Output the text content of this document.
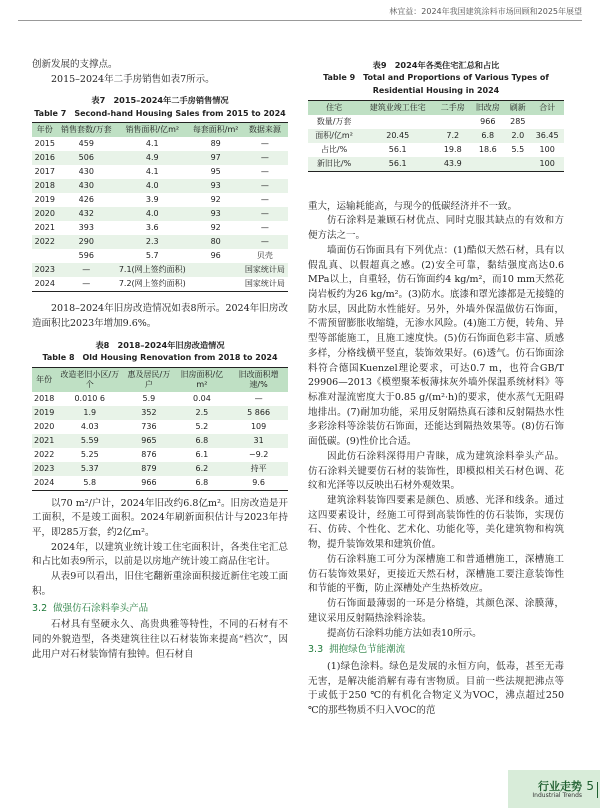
林宜益：2024年我国建筑涂料市场回顾和2025年展望

创新发展的支撑点。

2015–2024年二手房销售如表7所示。

表7　2015–2024年二手房销售情况
Table 7　Second-hand Housing Sales from 2015 to 2024
年份	销售套数/万套	销售面积/亿m²	每套面积/m²	数据来源
2015	459	4.1	89	—
2016	506	4.9	97	—
2017	430	4.1	95	—
2018	430	4.0	93	—
2019	426	3.9	92	—
2020	432	4.0	93	—
2021	393	3.6	92	—
2022	290	2.3	80	—
	596	5.7	96	贝壳
2023	—	7.1(网上签约面积)		国家统计局
2024	—	7.2(网上签约面积)		国家统计局

2018–2024年旧房改造情况如表8所示。2024年旧房改造面积比2023年增加9.6%。

表8　2018–2024年旧房改造情况
Table 8　Old Housing Renovation from 2018 to 2024
年份	改造老旧小区/万个	惠及居民/万户	旧房面积/亿m²	旧改面积增速/%
2018	0.010 6	5.9	0.04	—
2019	1.9	352	2.5	5 866
2020	4.03	736	5.2	109
2021	5.59	965	6.8	31
2022	5.25	876	6.1	−9.2
2023	5.37	879	6.2	持平
2024	5.8	966	6.8	9.6

以70 m²/户计，2024年旧改约6.8亿m²。旧房改造是开工面积，不是竣工面积。2024年刷新面积估计与2023年持平，即285万套，约2亿m²。

2024年，以建筑业统计竣工住宅面积计，各类住宅汇总和占比如表9所示，以前是以房地产统计竣工商品住宅计。

从表9可以看出，旧住宅翻新重涂面积接近新住宅竣工面积。

3.2 做强仿石涂料拳头产品

石材具有坚硬永久、高贵典雅等特性，不同的石材有不同的外貌造型，各类建筑往往以石材装饰来提高“档次”，因此用户对石材装饰情有独钟。但石材自

表9　2024年各类住宅汇总和占比
Table 9　Total and Proportions of Various Types of
Residential Housing in 2024
住宅	建筑业竣工住宅	二手房	旧改房	刷新	合计
数量/万套			966	285	
面积/亿m²	20.45	7.2	6.8	2.0	36.45
占比/%	56.1	19.8	18.6	5.5	100
新旧比/%	56.1	43.9			100

重大，运输耗能高，与现今的低碳经济并不一致。

仿石涂料是兼顾石材优点、同时克服其缺点的有效和方便方法之一。

墙面仿石饰面具有下列优点：(1)酷似天然石材，具有以假乱真、以假超真之感。(2)安全可靠，黏结强度高达0.6 MPa以上，自重轻，仿石饰面约4 kg/m²，而10 mm天然花岗岩板约为26 kg/m²。(3)防水。底漆和罩光漆都是无接缝的防水层，因此防水性能好。另外，外墙外保温做仿石饰面，不需预留膨胀收缩缝，无渗水风险。(4)施工方便，转角、异型等部能施工，且施工速度快。(5)仿石饰面色彩丰富、质感多样，分格线横平竖直，装饰效果好。(6)透气。仿石饰面涂料符合德国Kuenzel理论要求，可达0.7 m，也符合GB/T 29906—2013《模塑聚苯板薄抹灰外墙外保温系统材料》等标准对湿流密度大于0.85 g/(m²·h)的要求，使水蒸气无阻碍地排出。(7)耐加功能，采用反射隔热真石漆和反射隔热水性多彩涂料等涂装仿石饰面，还能达到隔热效果等。(8)仿石饰面低碳。(9)性价比合适。

因此仿石涂料深得用户青睐，成为建筑涂料拳头产品。仿石涂料关键要仿石材的装饰性，即模拟相关石材色调、花纹和光泽等以反映出石材外观效果。

建筑涂料装饰四要素是颜色、质感、光泽和线条。通过这四要素设计，经施工可得到高装饰性的仿石装饰，实现仿石、仿砖、个性化、艺术化、功能化等，美化建筑物和构筑物，提升装饰效果和建筑价值。

仿石涂料施工可分为深槽施工和普通槽施工，深槽施工仿石装饰效果好，更接近天然石材，深槽施工要注意装饰性和节能的平衡，防止深槽处产生热桥效应。

仿石饰面最薄弱的一环是分格缝，其颜色深、涂膜薄，建议采用反射隔热涂料涂装。

提高仿石涂料功能方法如表10所示。

3.3 拥抱绿色节能潮流

(1)绿色涂料。绿色是发展的永恒方向，低毒，甚至无毒无害，是解决能消解有毒有害物质。目前一些法规把沸点等于或低于250 ℃的有机化合物定义为VOC，沸点超过250 ℃的那些物质不归入VOC的范

行业走势
Industrial Trends
5
